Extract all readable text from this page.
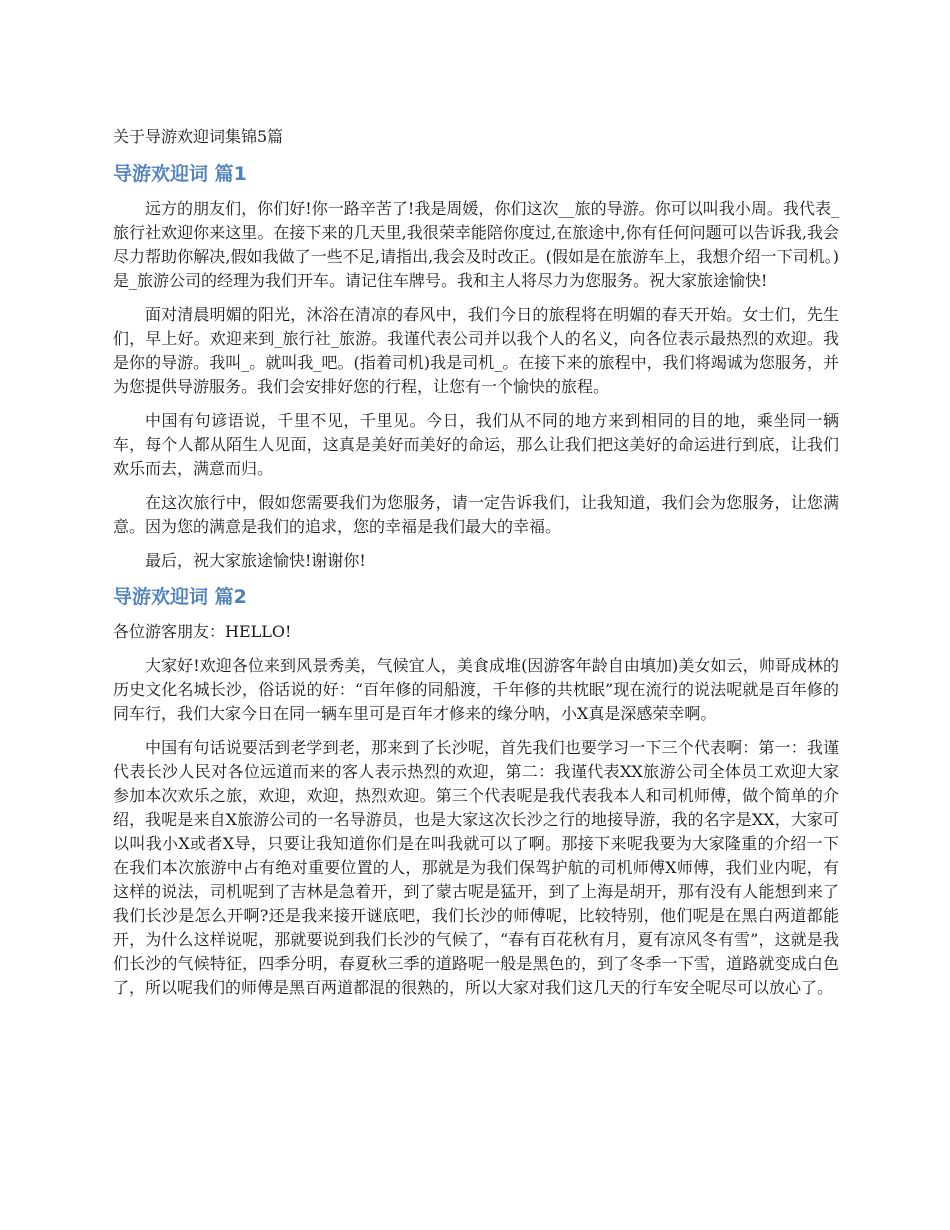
关于导游欢迎词集锦5篇
导游欢迎词 篇1

远方的朋友们，你们好!你一路辛苦了!我是周媛，你们这次__旅的导游。你可以叫我小周。我代表_旅行社欢迎你来这里。在接下来的几天里,我很荣幸能陪你度过,在旅途中,你有任何问题可以告诉我,我会尽力帮助你解决,假如我做了一些不足,请指出,我会及时改正。(假如是在旅游车上，我想介绍一下司机。)是_旅游公司的经理为我们开车。请记住车牌号。我和主人将尽力为您服务。祝大家旅途愉快!

面对清晨明媚的阳光，沐浴在清凉的春风中，我们今日的旅程将在明媚的春天开始。女士们，先生们，早上好。欢迎来到_旅行社_旅游。我谨代表公司并以我个人的名义，向各位表示最热烈的欢迎。我是你的导游。我叫_。就叫我_吧。(指着司机)我是司机_。在接下来的旅程中，我们将竭诚为您服务，并为您提供导游服务。我们会安排好您的行程，让您有一个愉快的旅程。

中国有句谚语说，千里不见，千里见。今日，我们从不同的地方来到相同的目的地，乘坐同一辆车，每个人都从陌生人见面，这真是美好而美好的命运，那么让我们把这美好的命运进行到底，让我们欢乐而去，满意而归。

在这次旅行中，假如您需要我们为您服务，请一定告诉我们，让我知道，我们会为您服务，让您满意。因为您的满意是我们的追求，您的幸福是我们最大的幸福。

最后，祝大家旅途愉快!谢谢你!

导游欢迎词 篇2

各位游客朋友：HELLO!

大家好!欢迎各位来到风景秀美，气候宜人，美食成堆(因游客年龄自由填加)美女如云，帅哥成林的历史文化名城长沙，俗话说的好：“百年修的同船渡，千年修的共枕眠”现在流行的说法呢就是百年修的同车行，我们大家今日在同一辆车里可是百年才修来的缘分呐，小X真是深感荣幸啊。

中国有句话说要活到老学到老，那来到了长沙呢，首先我们也要学习一下三个代表啊：第一：我谨代表长沙人民对各位远道而来的客人表示热烈的欢迎，第二：我谨代表XX旅游公司全体员工欢迎大家参加本次欢乐之旅，欢迎，欢迎，热烈欢迎。第三个代表呢是我代表我本人和司机师傅，做个简单的介绍，我呢是来自X旅游公司的一名导游员，也是大家这次长沙之行的地接导游，我的名字是XX，大家可以叫我小X或者X导，只要让我知道你们是在叫我就可以了啊。那接下来呢我要为大家隆重的介绍一下在我们本次旅游中占有绝对重要位置的人，那就是为我们保驾护航的司机师傅X师傅，我们业内呢，有这样的说法，司机呢到了吉林是急着开，到了蒙古呢是猛开，到了上海是胡开，那有没有人能想到来了我们长沙是怎么开啊?还是我来接开谜底吧，我们长沙的师傅呢，比较特别，他们呢是在黑白两道都能开，为什么这样说呢，那就要说到我们长沙的气候了，“春有百花秋有月，夏有凉风冬有雪”，这就是我们长沙的气候特征，四季分明，春夏秋三季的道路呢一般是黑色的，到了冬季一下雪，道路就变成白色了，所以呢我们的师傅是黑百两道都混的很熟的，所以大家对我们这几天的行车安全呢尽可以放心了。
